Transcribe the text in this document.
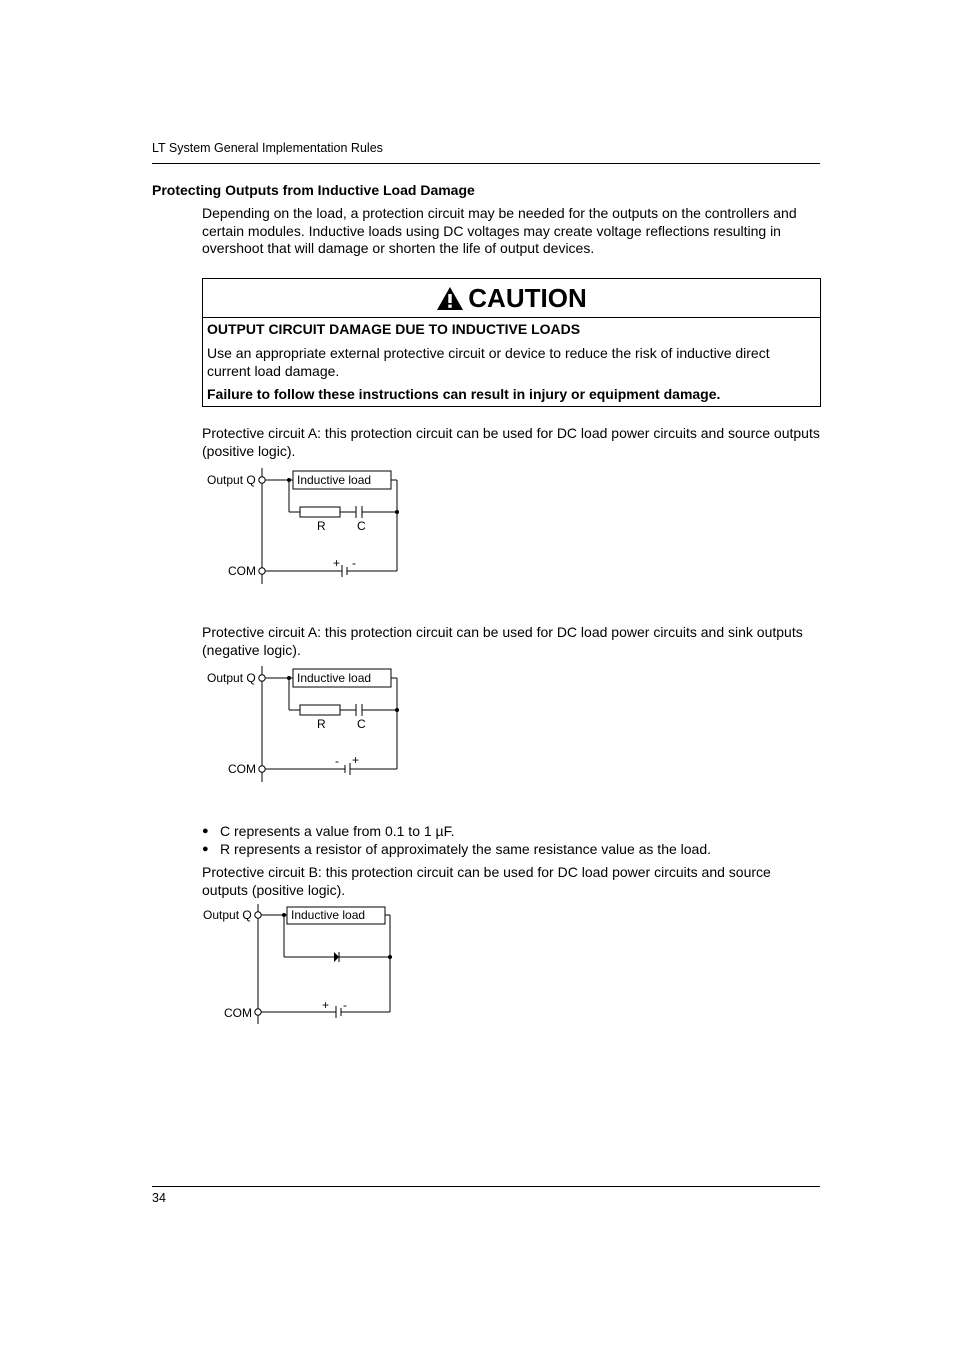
LT System General Implementation Rules
Protecting Outputs from Inductive Load Damage
Depending on the load, a protection circuit may be needed for the outputs on the controllers and certain modules. Inductive loads using DC voltages may create voltage reflections resulting in overshoot that will damage or shorten the life of output devices.
CAUTION
OUTPUT CIRCUIT DAMAGE DUE TO INDUCTIVE LOADS
Use an appropriate external protective circuit or device to reduce the risk of inductive direct current load damage.
Failure to follow these instructions can result in injury or equipment damage.
Protective circuit A: this protection circuit can be used for DC load power circuits and source outputs (positive logic).
Output Q
COM
Inductive load
R	C
+ -
Protective circuit A: this protection circuit can be used for DC load power circuits and sink outputs (negative logic).
Output Q
COM
Inductive load
R	C
- +
● C represents a value from 0.1 to 1 µF.
● R represents a resistor of approximately the same resistance value as the load.
Protective circuit B: this protection circuit can be used for DC load power circuits and source outputs (positive logic).
Output Q
COM
Inductive load
+ -
34
